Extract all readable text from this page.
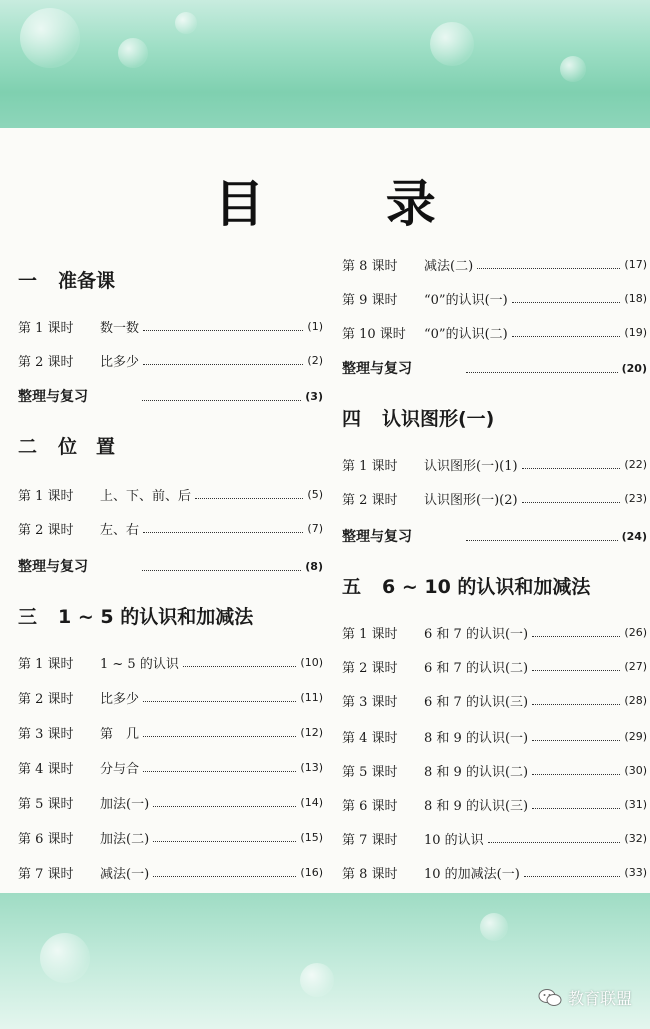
目 录
一 准备课
第 1 课时	数一数	(1)
第 2 课时	比多少	(2)
整理与复习	(3)
二 位　置
第 1 课时	上、下、前、后	(5)
第 2 课时	左、右	(7)
整理与复习	(8)
三 1 ~ 5 的认识和加减法
第 1 课时	1 ~ 5 的认识	(10)
第 2 课时	比多少	(11)
第 3 课时	第　几	(12)
第 4 课时	分与合	(13)
第 5 课时	加法(一)	(14)
第 6 课时	加法(二)	(15)
第 7 课时	减法(一)	(16)
第 8 课时	减法(二)	(17)
第 9 课时	“0”的认识(一)	(18)
第 10 课时	“0”的认识(二)	(19)
整理与复习	(20)
四 认识图形(一)
第 1 课时	认识图形(一)(1)	(22)
第 2 课时	认识图形(一)(2)	(23)
整理与复习	(24)
五 6 ~ 10 的认识和加减法
第 1 课时	6 和 7 的认识(一)	(26)
第 2 课时	6 和 7 的认识(二)	(27)
第 3 课时	6 和 7 的认识(三)	(28)
第 4 课时	8 和 9 的认识(一)	(29)
第 5 课时	8 和 9 的认识(二)	(30)
第 6 课时	8 和 9 的认识(三)	(31)
第 7 课时	10 的认识	(32)
第 8 课时	10 的加减法(一)	(33)
教育联盟
